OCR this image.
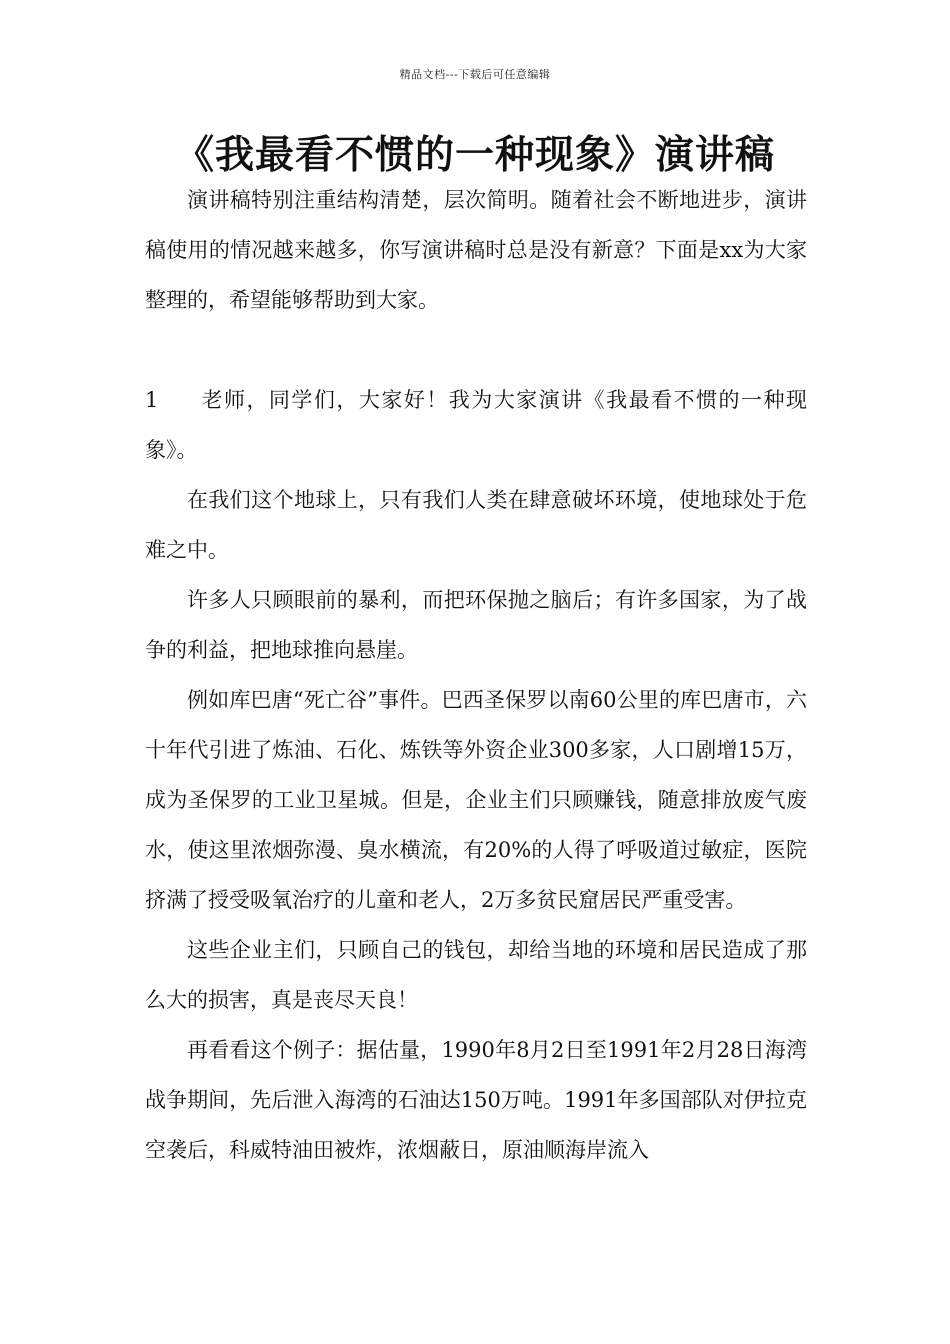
精品文档---下载后可任意编辑
《我最看不惯的一种现象》演讲稿

演讲稿特别注重结构清楚，层次简明。随着社会不断地进步，演讲稿使用的情况越来越多，你写演讲稿时总是没有新意？下面是xx为大家整理的，希望能够帮助到大家。

1 老师，同学们，大家好！我为大家演讲《我最看不惯的一种现象》。

在我们这个地球上，只有我们人类在肆意破坏环境，使地球处于危难之中。

许多人只顾眼前的暴利，而把环保抛之脑后；有许多国家，为了战争的利益，把地球推向悬崖。

例如库巴唐“死亡谷”事件。巴西圣保罗以南60公里的库巴唐市，六十年代引进了炼油、石化、炼铁等外资企业300多家，人口剧增15万，成为圣保罗的工业卫星城。但是，企业主们只顾赚钱，随意排放废气废水，使这里浓烟弥漫、臭水横流，有20%的人得了呼吸道过敏症，医院挤满了授受吸氧治疗的儿童和老人，2万多贫民窟居民严重受害。

这些企业主们，只顾自己的钱包，却给当地的环境和居民造成了那么大的损害，真是丧尽天良！

再看看这个例子：据估量，1990年8月2日至1991年2月28日海湾战争期间，先后泄入海湾的石油达150万吨。1991年多国部队对伊拉克空袭后，科威特油田被炸，浓烟蔽日，原油顺海岸流入
